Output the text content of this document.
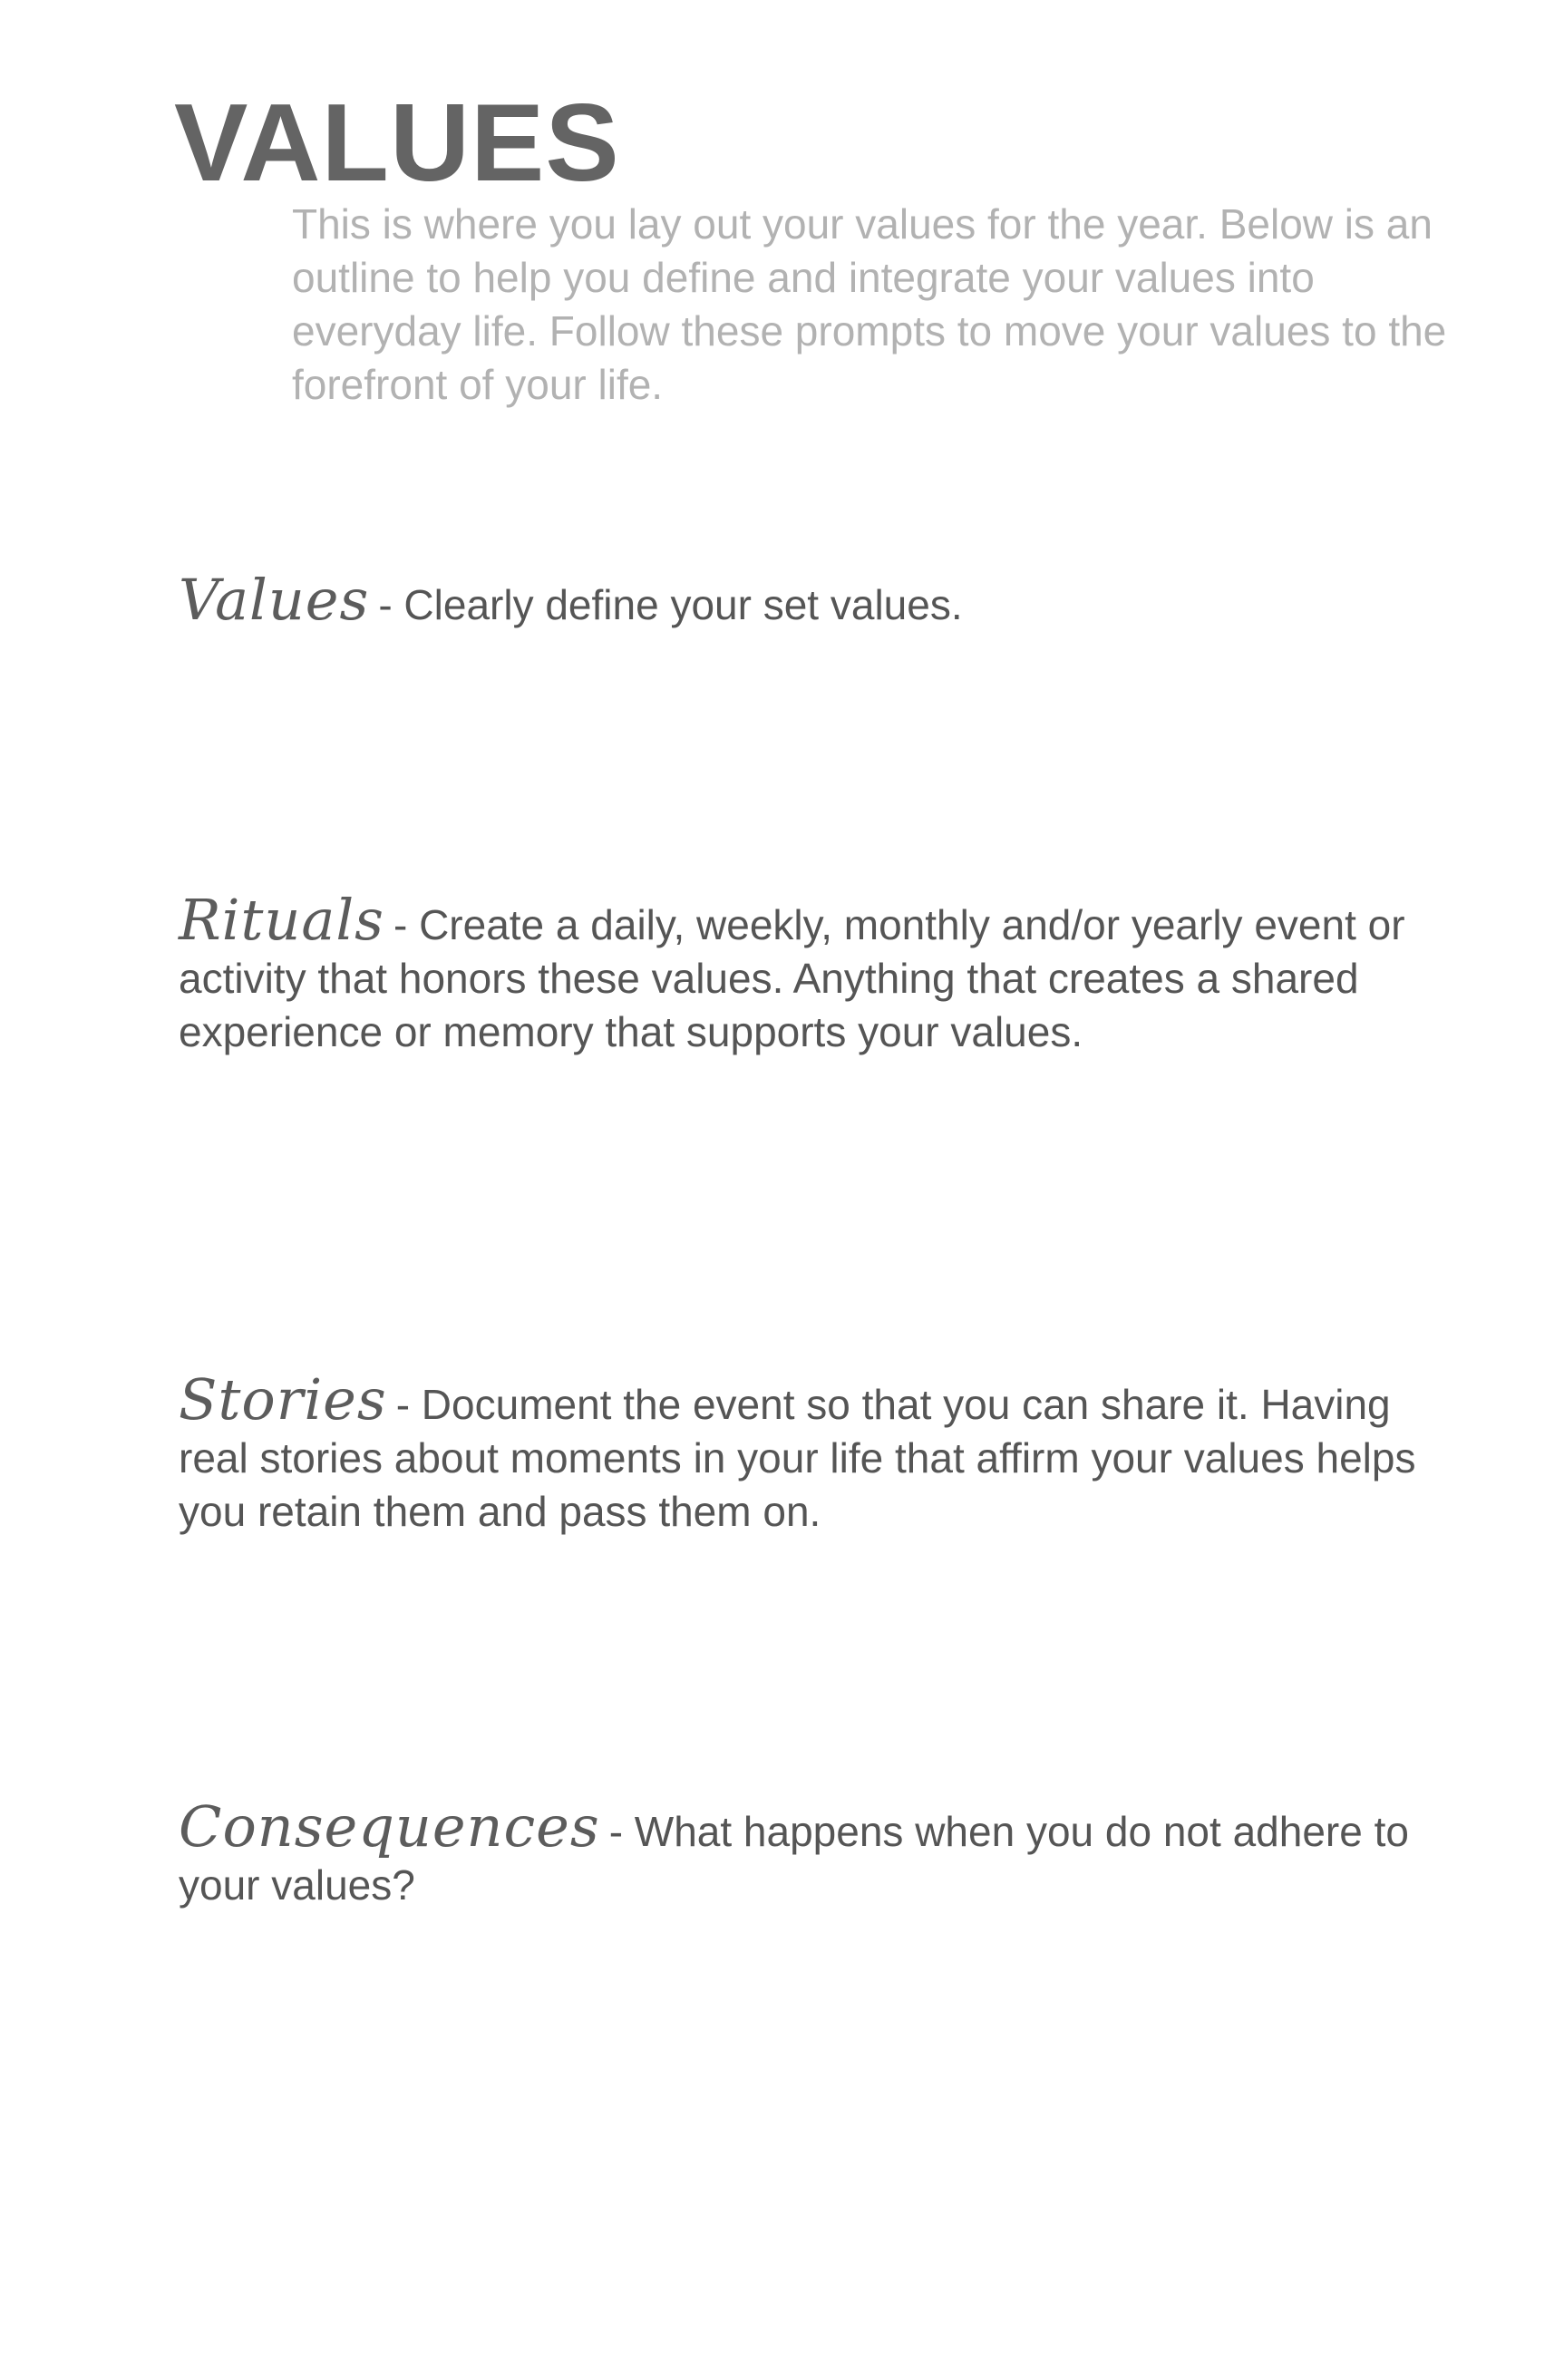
VALUES

This is where you lay out your values for the year. Below is an outline to help you define and integrate your values into everyday life. Follow these prompts to move your values to the forefront of your life.

Values - Clearly define your set values.

Rituals - Create a daily, weekly, monthly and/or yearly event or activity that honors these values. Anything that creates a shared experience or memory that supports your values.

Stories - Document the event so that you can share it. Having real stories about moments in your life that affirm your values helps you retain them and pass them on.

Consequences - What happens when you do not adhere to your values?
